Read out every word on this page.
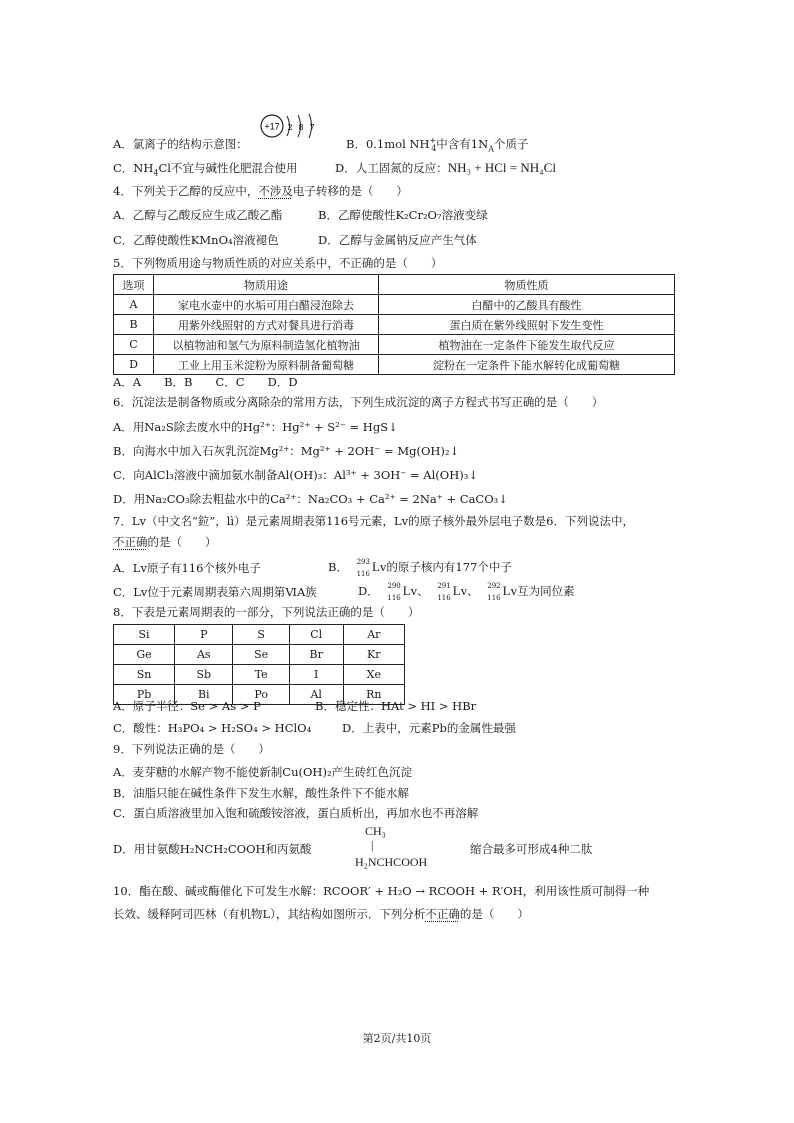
A．氯离子的结构示意图：
+17 2 8 7
B．0.1mol $NH^+_4$中含有$1N_A$个质子
C．$NH_4Cl$不宜与碱性化肥混合使用	D．人工固氮的反应：NH₃ + HCl = NH₄Cl
4．下列关于乙醇的反应中，不涉及电子转移的是（　　）
A．乙醇与乙酸反应生成乙酸乙酯	B．乙醇使酸性K₂Cr₂O₇溶液变绿
C．乙醇使酸性KMnO₄溶液褪色	D．乙醇与金属钠反应产生气体
5．下列物质用途与物质性质的对应关系中，不正确的是（　　）
选项	物质用途	物质性质
A	家电水壶中的水垢可用白醋浸泡除去	白醋中的乙酸具有酸性
B	用紫外线照射的方式对餐具进行消毒	蛋白质在紫外线照射下发生变性
C	以植物油和氢气为原料制造氢化植物油	植物油在一定条件下能发生取代反应
D	工业上用玉米淀粉为原料制备葡萄糖	淀粉在一定条件下能水解转化成葡萄糖
A．A　　B．B　　C．C　　D．D
6．沉淀法是制备物质或分离除杂的常用方法，下列生成沉淀的离子方程式书写正确的是（　　）
A．用Na₂S除去废水中的Hg²⁺：Hg²⁺ + S²⁻ = HgS↓
B．向海水中加入石灰乳沉淀Mg²⁺：Mg²⁺ + 2OH⁻ = Mg(OH)₂↓
C．向AlCl₃溶液中滴加氨水制备Al(OH)₃：Al³⁺ + 3OH⁻ = Al(OH)₃↓
D．用Na₂CO₃除去粗盐水中的Ca²⁺：Na₂CO₃ + Ca²⁺ = 2Na⁺ + CaCO₃↓
7．Lv（中文名“鉝”，lì）是元素周期表第116号元素，Lv的原子核外最外层电子数是6．下列说法中，
不正确的是（　　）
A．Lv原子有116个核外电子	B． 293
116 Lv的原子核内有177个中子
C．Lv位于元素周期表第六周期第ⅥA族	D． 290
116 Lv、 291
116 Lv、 292
116 Lv互为同位素
8．下表是元素周期表的一部分，下列说法正确的是（　　）
Si	P	S	Cl	Ar
Ge	As	Se	Br	Kr
Sn	Sb	Te	I	Xe
Pb	Bi	Po	Al	Rn
A．原子半径：Se > As > P	B．稳定性：HAt > HI > HBr
C．酸性：H₃PO₄ > H₂SO₄ > HClO₄	D．上表中，元素Pb的金属性最强
9．下列说法正确的是（　　）
A．麦芽糖的水解产物不能使新制Cu(OH)₂产生砖红色沉淀
B．油脂只能在碱性条件下发生水解，酸性条件下不能水解
C．蛋白质溶液里加入饱和硫酸铵溶液，蛋白质析出，再加水也不再溶解
D．用甘氨酸H₂NCH₂COOH和丙氨酸
CH₃
|
H₂NCHCOOH
缩合最多可形成4种二肽
10．酯在酸、碱或酶催化下可发生水解：RCOOR′ + H₂O → RCOOH + R′OH，利用该性质可制得一种
长效、缓释阿司匹林（有机物L），其结构如图所示．下列分析不正确的是（　　）
第2页/共10页
